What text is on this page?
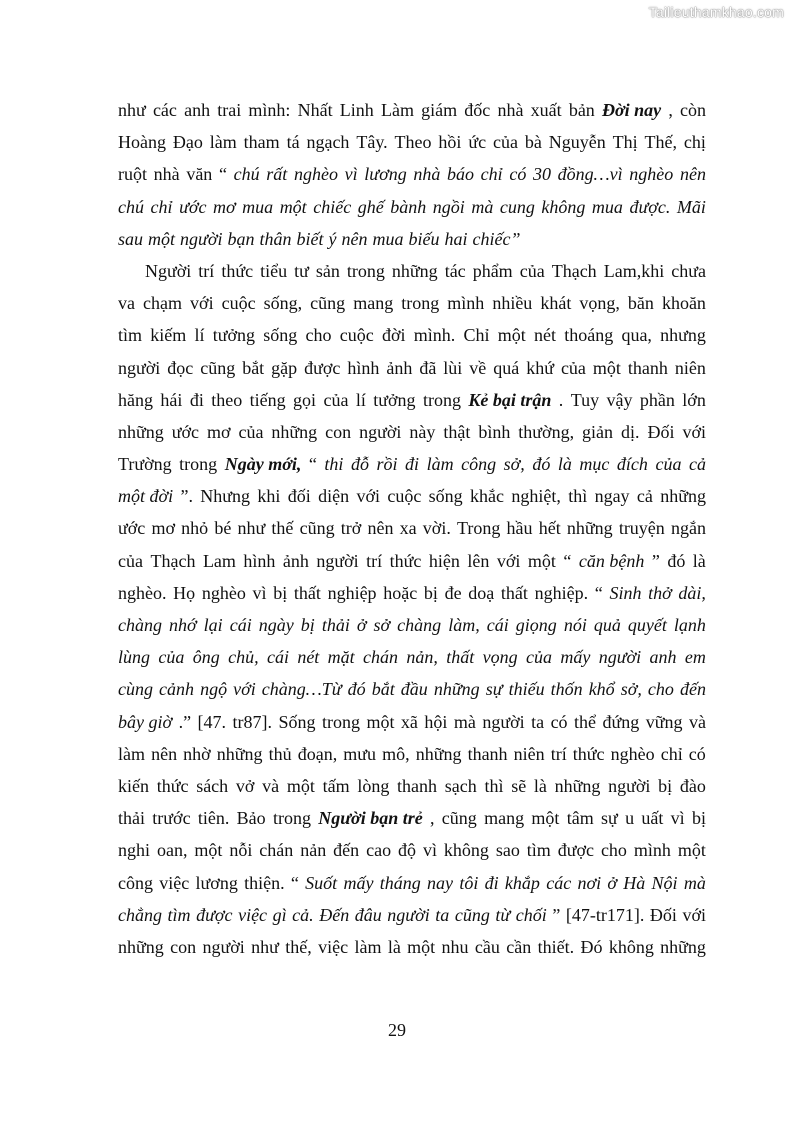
Tailieuthamkhao.com
như các anh trai mình: Nhất Linh Làm giám đốc nhà xuất bản Đời nay , còn
Hoàng Đạo làm tham tá ngạch Tây. Theo hồi ức của bà Nguyễn Thị Thế, chị
ruột nhà văn “ chú rất nghèo vì lương nhà báo chỉ có 30 đồng…vì nghèo nên
chú chỉ ước mơ mua một chiếc ghế bành ngồi mà cung không mua được. Mãi
sau một người bạn thân biết ý nên mua biếu hai chiếc”
Người trí thức tiểu tư sản trong những tác phẩm của Thạch Lam,khi chưa
va chạm với cuộc sống, cũng mang trong mình nhiều khát vọng, băn khoăn
tìm kiếm lí tưởng sống cho cuộc đời mình. Chỉ một nét thoáng qua, nhưng
người đọc cũng bắt gặp được hình ảnh đã lùi về quá khứ của một thanh niên
hăng hái đi theo tiếng gọi của lí tưởng trong Kẻ bại trận . Tuy vậy phần lớn
những ước mơ của những con người này thật bình thường, giản dị. Đối với
Trường trong Ngày mới, “ thi đỗ rồi đi làm công sở, đó là mục đích của cả
một đời ”. Nhưng khi đối diện với cuộc sống khắc nghiệt, thì ngay cả những
ước mơ nhỏ bé như thế cũng trở nên xa vời. Trong hầu hết những truyện ngắn
của Thạch Lam hình ảnh người trí thức hiện lên với một “ căn bệnh ” đó là
nghèo. Họ nghèo vì bị thất nghiệp hoặc bị đe doạ thất nghiệp. “ Sinh thở dài,
chàng nhớ lại cái ngày bị thải ở sở chàng làm, cái giọng nói quả quyết lạnh
lùng của ông chủ, cái nét mặt chán nản, thất vọng của mấy người anh em
cùng cảnh ngộ với chàng…Từ đó bắt đầu những sự thiếu thốn khổ sở, cho đến
bây giờ .” [47. tr87]. Sống trong một xã hội mà người ta có thể đứng vững và
làm nên nhờ những thủ đoạn, mưu mô, những thanh niên trí thức nghèo chỉ có
kiến thức sách vở và một tấm lòng thanh sạch thì sẽ là những người bị đào
thải trước tiên. Bảo trong Người bạn trẻ , cũng mang một tâm sự u uất vì bị
nghi oan, một nỗi chán nản đến cao độ vì không sao tìm được cho mình một
công việc lương thiện. “ Suốt mấy tháng nay tôi đi khắp các nơi ở Hà Nội mà
chẳng tìm được việc gì cả. Đến đâu người ta cũng từ chối ” [47-tr171]. Đối với
những con người như thế, việc làm là một nhu cầu cần thiết. Đó không những
29
